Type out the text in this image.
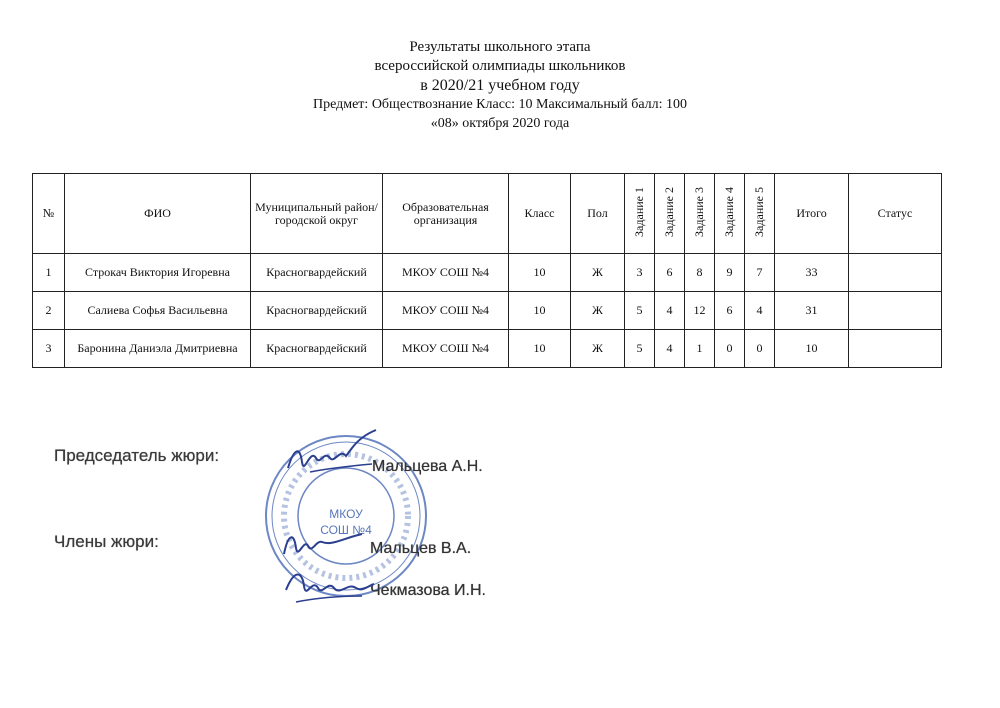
Результаты школьного этапа
всероссийской олимпиады школьников
в 2020/21 учебном году
Предмет: Обществознание Класс: 10 Максимальный балл: 100
«08» октября 2020 года
№	ФИО	Муниципальный район/городской округ	Образовательная организация	Класс	Пол	Задание 1	Задание 2	Задание 3	Задание 4	Задание 5	Итого	Статус
1	Строкач Виктория Игоревна	Красногвардейский	МКОУ СОШ №4	10	Ж	3	6	8	9	7	33	
2	Салиева Софья Васильевна	Красногвардейский	МКОУ СОШ №4	10	Ж	5	4	12	6	4	31	
3	Баронина Даниэла Дмитриевна	Красногвардейский	МКОУ СОШ №4	10	Ж	5	4	1	0	0	10	
МКОУ
СОШ №4
Председатель жюри:
Мальцева А.Н.
Члены жюри:	Мальцев В.А.
Чекмазова И.Н.
